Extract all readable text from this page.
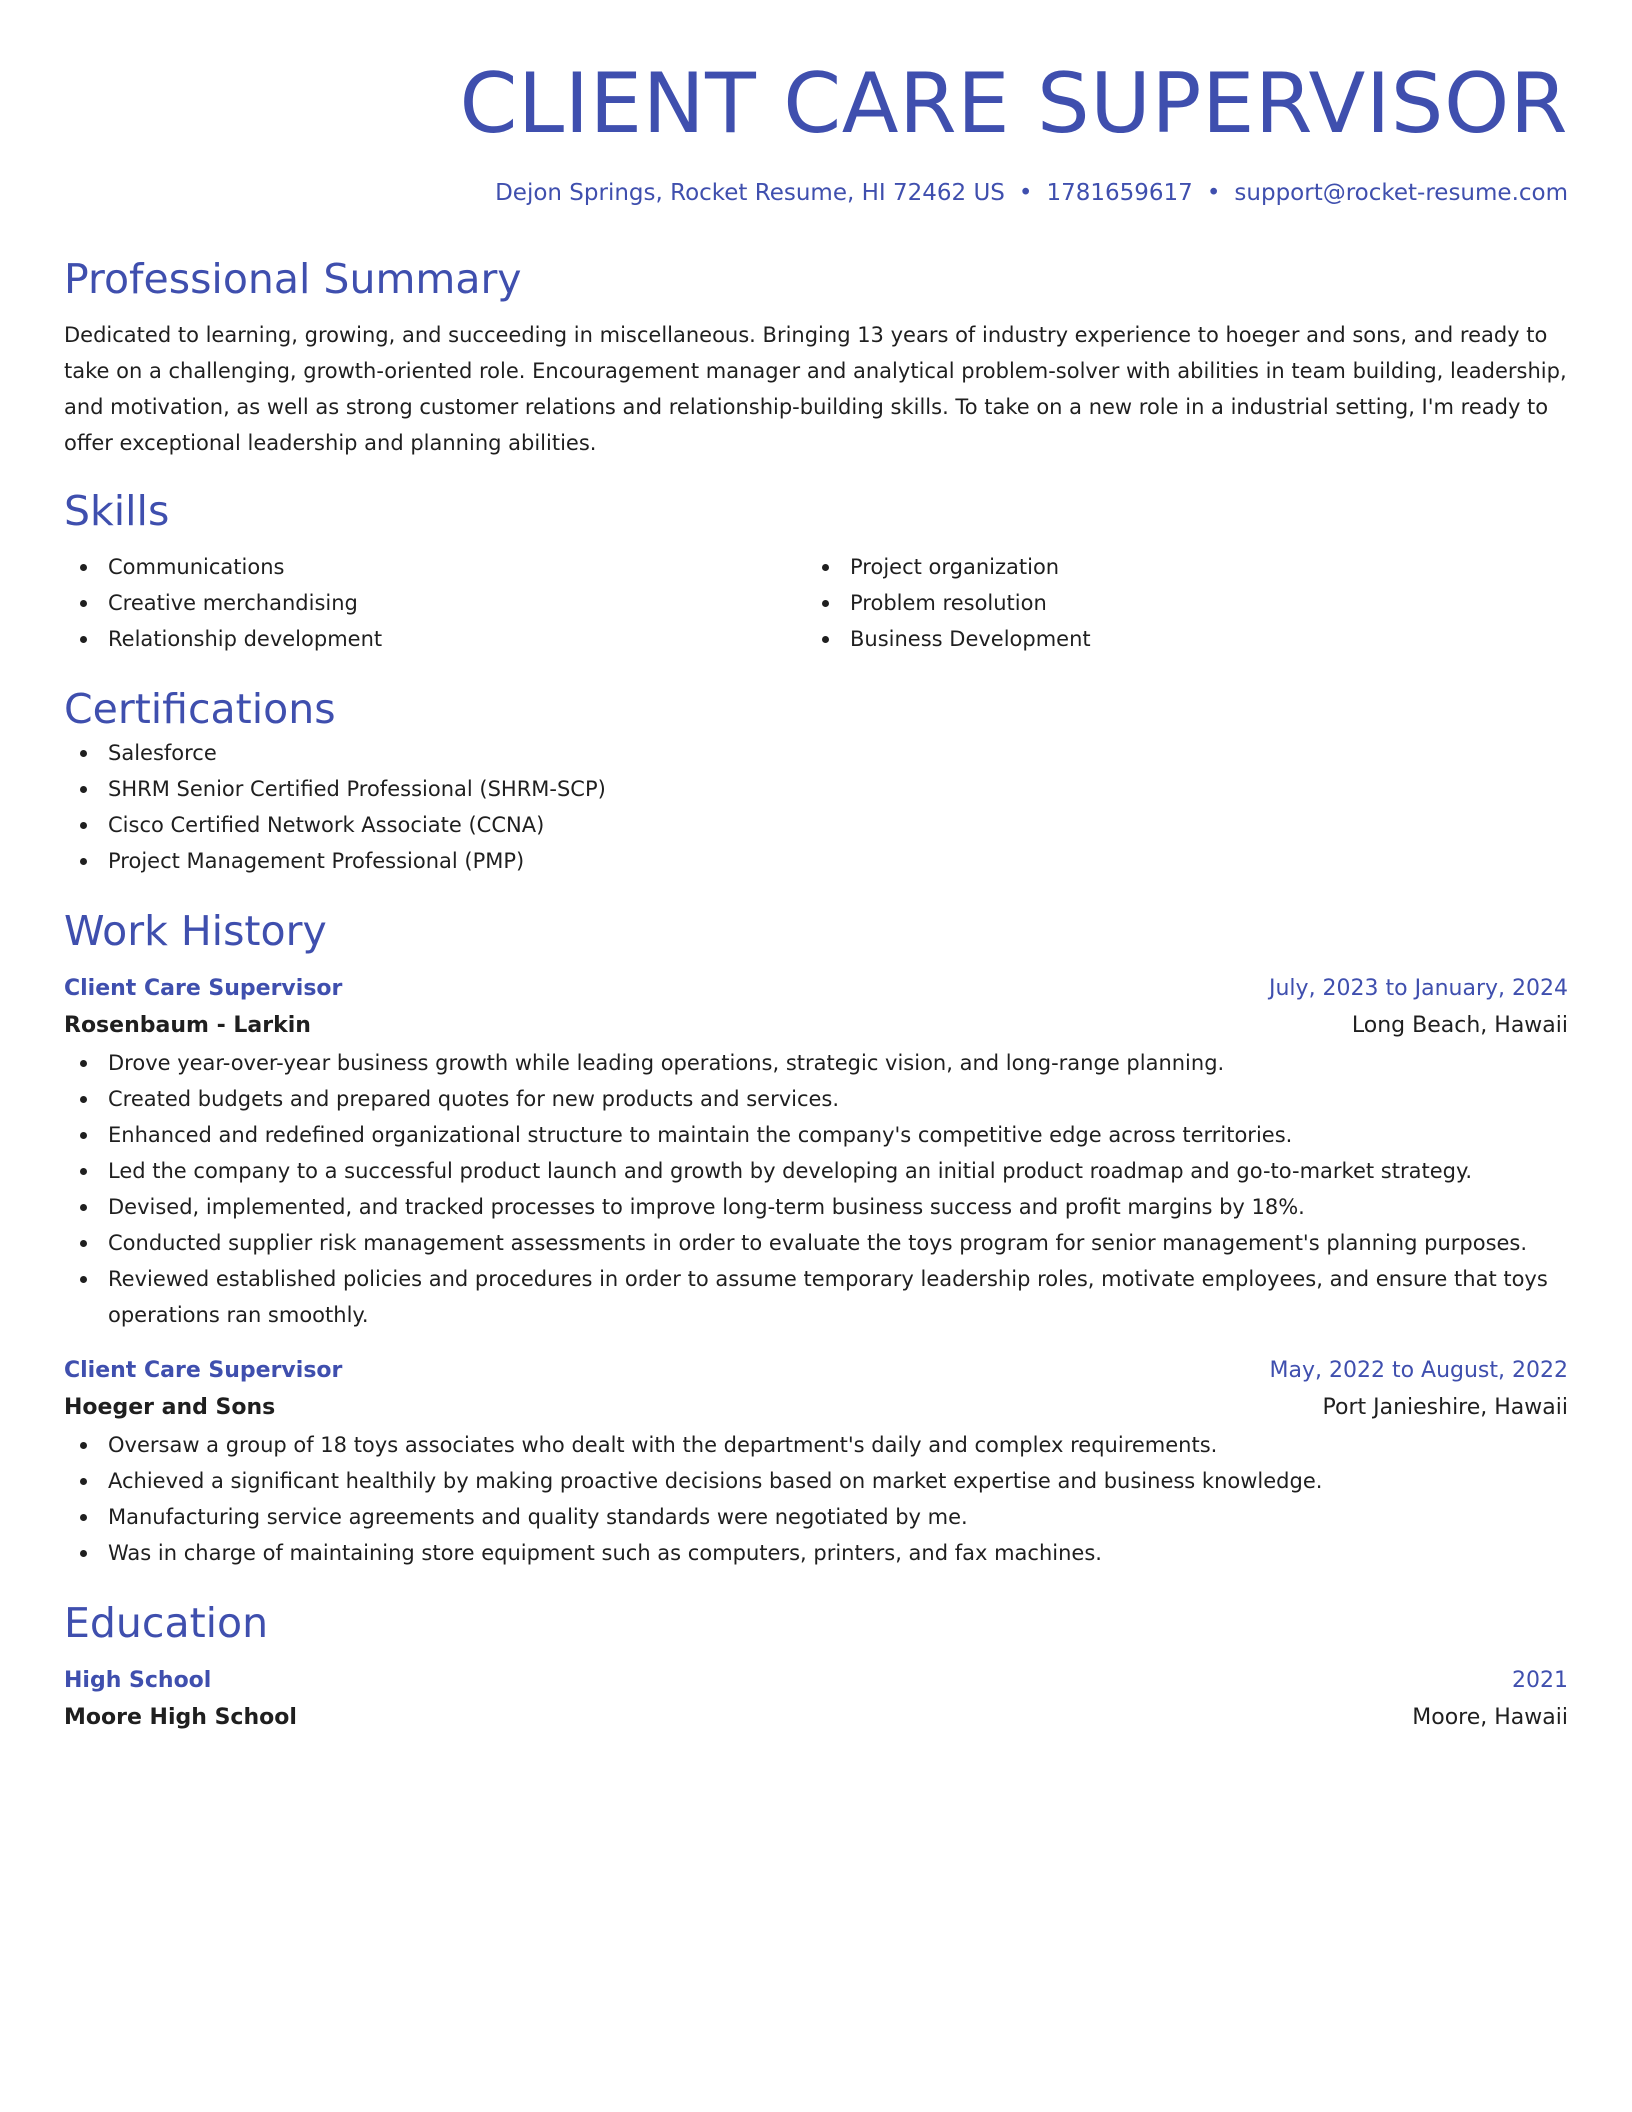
CLIENT CARE SUPERVISOR
Dejon Springs, Rocket Resume, HI 72462 US • 1781659617 • support@rocket-resume.com
Professional Summary
Dedicated to learning, growing, and succeeding in miscellaneous. Bringing 13 years of industry experience to hoeger and sons, and ready to take on a challenging, growth-oriented role. Encouragement manager and analytical problem-solver with abilities in team building, leadership, and motivation, as well as strong customer relations and relationship-building skills. To take on a new role in a industrial setting, I'm ready to offer exceptional leadership and planning abilities.
Skills
Communications
Creative merchandising
Relationship development
Project organization
Problem resolution
Business Development
Certifications
Salesforce
SHRM Senior Certified Professional (SHRM-SCP)
Cisco Certified Network Associate (CCNA)
Project Management Professional (PMP)
Work History
Client Care Supervisor	July, 2023 to January, 2024
Rosenbaum - Larkin	Long Beach, Hawaii
Drove year-over-year business growth while leading operations, strategic vision, and long-range planning.
Created budgets and prepared quotes for new products and services.
Enhanced and redefined organizational structure to maintain the company's competitive edge across territories.
Led the company to a successful product launch and growth by developing an initial product roadmap and go-to-market strategy.
Devised, implemented, and tracked processes to improve long-term business success and profit margins by 18%.
Conducted supplier risk management assessments in order to evaluate the toys program for senior management's planning purposes.
Reviewed established policies and procedures in order to assume temporary leadership roles, motivate employees, and ensure that toys operations ran smoothly.
Client Care Supervisor	May, 2022 to August, 2022
Hoeger and Sons	Port Janieshire, Hawaii
Oversaw a group of 18 toys associates who dealt with the department's daily and complex requirements.
Achieved a significant healthily by making proactive decisions based on market expertise and business knowledge.
Manufacturing service agreements and quality standards were negotiated by me.
Was in charge of maintaining store equipment such as computers, printers, and fax machines.
Education
High School	2021
Moore High School	Moore, Hawaii
